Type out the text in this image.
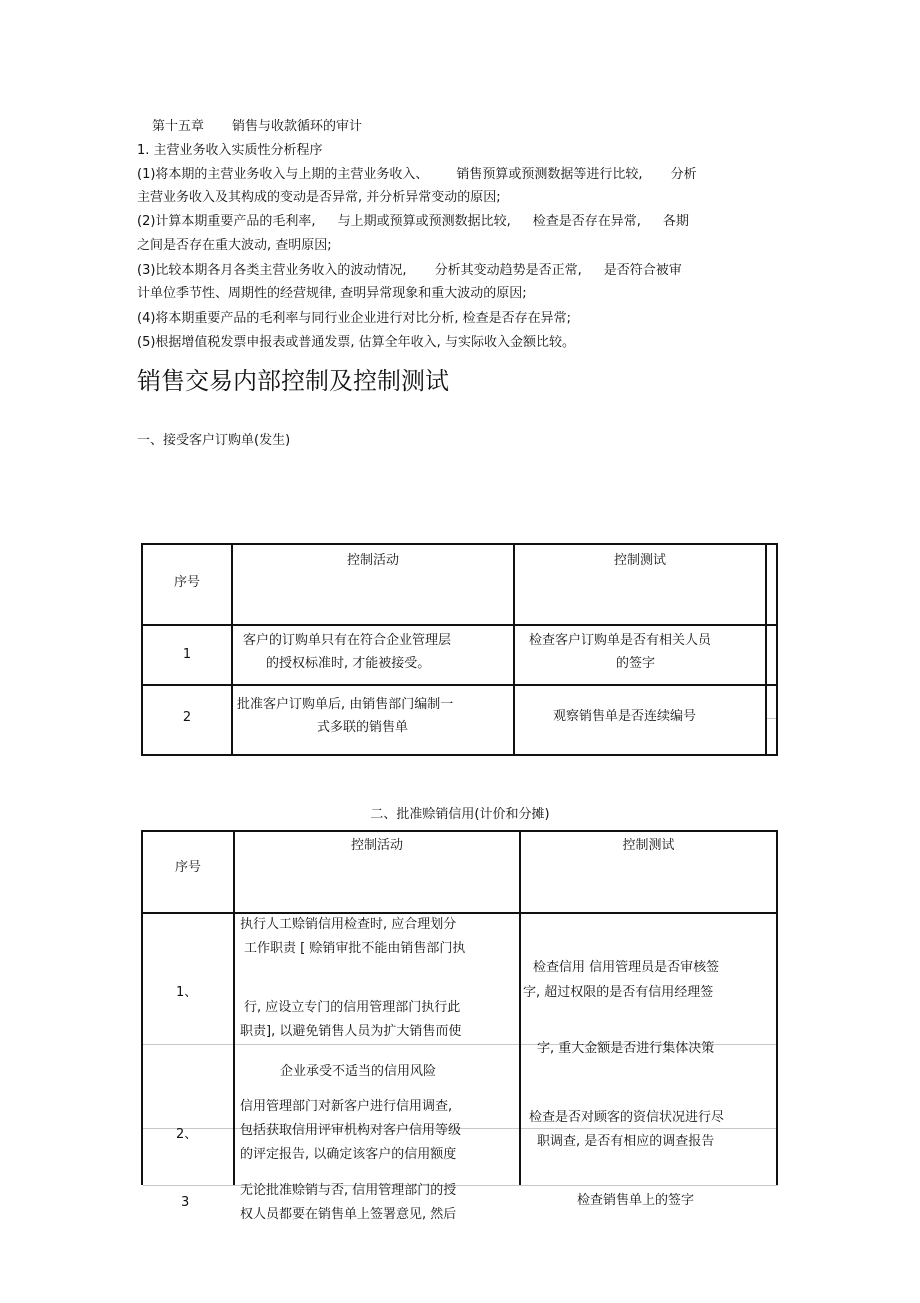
第十五章 销售与收款循环的审计
1. 主营业务收入实质性分析程序
(1)将本期的主营业务收入与上期的主营业务收入、 销售预算或预测数据等进行比较, 分析
主营业务收入及其构成的变动是否异常, 并分析异常变动的原因;
(2)计算本期重要产品的毛利率, 与上期或预算或预测数据比较, 检查是否存在异常, 各期
之间是否存在重大波动, 查明原因;
(3)比较本期各月各类主营业务收入的波动情况, 分析其变动趋势是否正常, 是否符合被审
计单位季节性、周期性的经营规律, 查明异常现象和重大波动的原因;
(4)将本期重要产品的毛利率与同行业企业进行对比分析, 检查是否存在异常;
(5)根据增值税发票申报表或普通发票, 估算全年收入, 与实际收入金额比较。
销售交易内部控制及控制测试
一、接受客户订购单(发生)
序号
控制活动	控制测试
1
客户的订购单只有在符合企业管理层
的授权标准时, 才能被接受。
检查客户订购单是否有相关人员
的签字
2
批准客户订购单后, 由销售部门编制一
式多联的销售单
观察销售单是否连续编号
二、批准赊销信用(计价和分摊)
序号
控制活动	控制测试
1、
执行人工赊销信用检查时, 应合理划分
工作职责 [ 赊销审批不能由销售部门执
行, 应设立专门的信用管理部门执行此
职责], 以避免销售人员为扩大销售而使
企业承受不适当的信用风险
检查信用 信用管理员是否审核签
字, 超过权限的是否有信用经理签
字, 重大金额是否进行集体决策
2、
信用管理部门对新客户进行信用调查,
包括获取信用评审机构对客户信用等级
的评定报告, 以确定该客户的信用额度
检查是否对顾客的资信状况进行尽
职调查, 是否有相应的调查报告
3
无论批准赊销与否, 信用管理部门的授
权人员都要在销售单上签署意见, 然后
检查销售单上的签字
